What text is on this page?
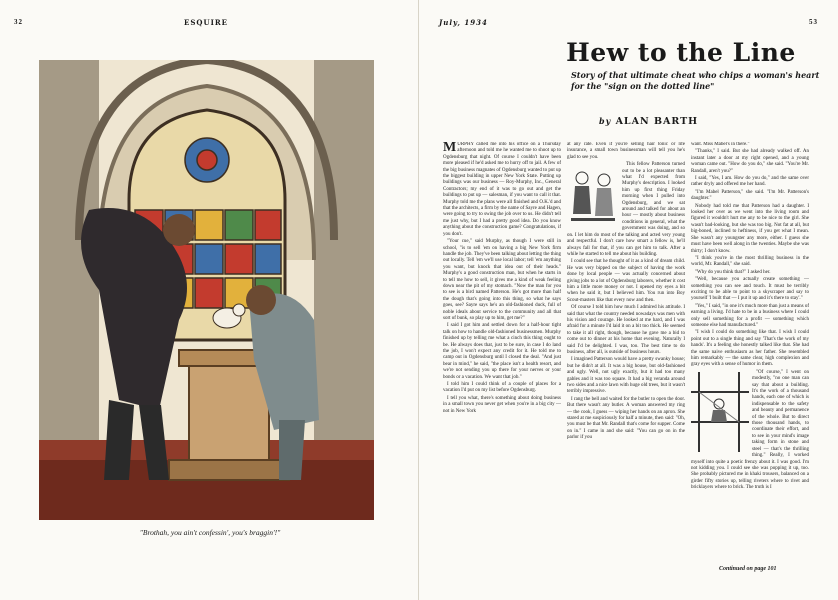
32	ESQUIRE
"Brothah, you ain't confessin', you's braggin'!"
July, 1934	53
Hew to the Line
Story of that ultimate cheat who chips a woman's heart for the "sign on the dotted line"
by ALAN BARTH

M URPHY called me into his office on a Thursday afternoon and told me he wanted me to shoot up to Ogdensburg that night. Of course I couldn't have been more pleased if he'd asked me to hurry off to jail. A few of the big business magnates of Ogdensburg wanted to put up the biggest building in upper New York State. Putting up buildings was our business — Roy-Murphy, Inc., General Contractors; my end of it was to go out and get the buildings to put up — salesman, if you want to call it that. Murphy told me the plans were all finished and O.K.'d and that the architects, a firm by the name of Sayre and Hagen, were going to try to swing the job over to us. He didn't tell me just why, but I had a pretty good idea. Do you know anything about the construction game? Congratulations, if you don't.

"Your cue," said Murphy, as though I were still in school, "is to sell 'em on having a big New York firm handle the job. They've been talking about letting the thing out locally. Tell 'em we'll use local labor; tell 'em anything you want, but knock that idea out of their heads." Murphy's a good construction man, but when he starts in to tell me how to sell, it gives me a kind of weak feeling down near the pit of my stomach. "Now the man for you to see is a bird named Patterson. He's got more than half the dough that's going into this thing, so what he says goes, see? Sayre says he's an old-fashioned duck, full of noble ideals about service to the community and all that sort of bunk, so play up to him, get me?"

I said I got him and settled down for a half-hour tight talk on how to handle old-fashioned businessmen. Murphy finished up by telling me what a cinch this thing ought to be. He always does that, just to be sure, in case I do land the job, I won't expect any credit for it. He told me to camp out in Ogdensburg until I closed the deal. "And just bear in mind," he said, "the place isn't a health resort, and we're not sending you up there for your nerves or your bonds or a vacation. We want that job."

I told him I could think of a couple of places for a vacation I'd put on my list before Ogdensburg.

I tell you what, there's something about doing business in a small town you never get when you're in a big city — not in New York

at any rate. Even if you're selling hair tonic or life insurance, a small town businessman will tell you he's glad to see you.

This fellow Patterson turned out to be a lot pleasanter than what I'd expected from Murphy's description. I looked him up first thing Friday morning when I pulled into Ogdensburg, and we sat around and talked for about an hour — mostly about business conditions in general, what the government was doing, and so on. I let him do most of the talking and acted very young and respectful. I don't care how smart a fellow is, he'll always fall for that, if you can get him to talk. After a while he started to tell me about his building.

I could see that he thought of it as a kind of dream child. He was very bipped on the subject of having the work done by local people — was actually concerned about giving jobs to a lot of Ogdensburg laborers, whether it cost him a little more money or not. I opened my eyes a bit when he said it, but I believed him. You run into Boy Scout-masters like that every now and then.

Of course I told him how much I admired his attitude. I said that what the country needed nowadays was men with his vision and courage. He looked at me hard, and I was afraid for a minute I'd laid it on a bit too thick. He seemed to take it all right, though, because he gave me a bid to come out to dinner at his home that evening. Naturally I said I'd be delighted. I was, too. The best time to do business, after all, is outside of business hours.

I imagined Patterson would have a pretty swanky house; but he didn't at all. It was a big house, but old-fashioned and ugly. Well, not ugly exactly, but it had too many gables and it was too square. It had a big veranda around two sides and a nice lawn with huge old trees, but it wasn't terribly impressive.

I rang the bell and waited for the butler to open the door. But there wasn't any butler. A woman answered my ring — the cook, I guess — wiping her hands on an apron. She stared at me suspiciously for half a minute, then said: "Oh, you must be that Mr. Randall that's come for supper. Come on in." I came in and she said: "You can go on in the parlor if you

want. Miss Mabel's in there."

"Thanks," I said. But she had already walked off. An instant later a door at my right opened, and a young woman came out. "How do you do," she said. "You're Mr. Randall, aren't you?"

I said, "Yes, I am. How do you do," and the same over rather dryly and offered me her hand.

"I'm Mabel Patterson," she said. "I'm Mr. Patterson's daughter."

Nobody had told me that Patterson had a daughter. I looked her over as we went into the living room and figured it wouldn't hurt me any to be nice to the girl. She wasn't bad-looking, but she was too big. Not fat at all, but big-boned, inclined to heftiness, if you get what I mean. She wasn't any youngster any more, either. I guess she must have been well along in the twenties. Maybe she was thirty; I don't know.

"I think you're in the most thrilling business in the world, Mr. Randall," she said.

"Why do you think that?" I asked her.

"Well, because you actually create something — something you can see and touch. It must be terribly exciting to be able to point to a skyscraper and say to yourself 'I built that — I put it up and it's there to stay'."

"Yes," I said, "in one it's much more than just a means of earning a living. I'd hate to be in a business where I could only sell something for a profit — something which someone else had manufactured."

"I wish I could do something like that. I wish I could point out to a single thing and say 'That's the work of my hands'. It's a feeling she honestly talked like that. She had the same naive enthusiasm as her father. She resembled him remarkably — the same clear, high complexion and gray eyes with a sense of humor in them.

"Of course," I went on modestly, "no one man can say that about a building. It's the work of a thousand hands, each one of which is indispensable to the safety and beauty and permanence of the whole. But to direct those thousand hands, to coordinate their effort, and to see in your mind's image taking form in stone and steel — that's the thrilling thing." Really, I worked myself into quite a poetic frenzy about it. I was good. I'm not kidding you. I could see she was popping it up, too. She probably pictured me in khaki trousers, balanced on a girder fifty stories up, telling riveters where to rivet and bricklayers where to brick. The truth is I

Continued on page 101
